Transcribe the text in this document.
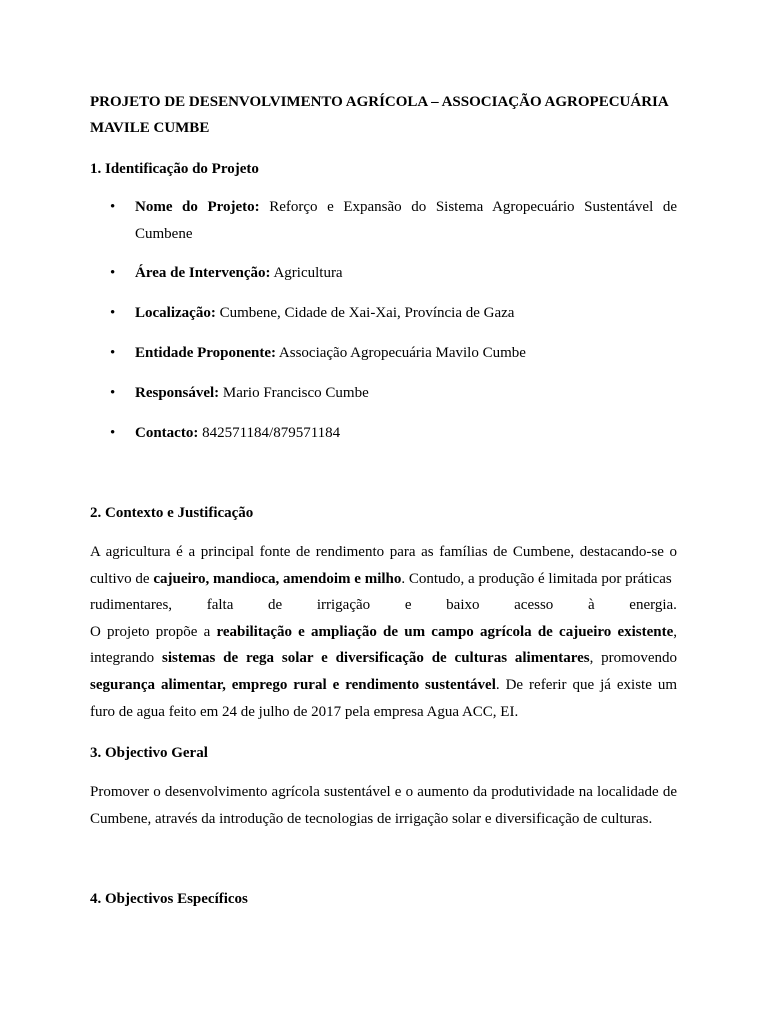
PROJETO DE DESENVOLVIMENTO AGRÍCOLA – ASSOCIAÇÃO AGROPECUÁRIA MAVILE CUMBE

1. Identificação do Projeto

• Nome do Projeto: Reforço e Expansão do Sistema Agropecuário Sustentável de Cumbene
• Área de Intervenção: Agricultura
• Localização: Cumbene, Cidade de Xai-Xai, Província de Gaza
• Entidade Proponente: Associação Agropecuária Mavilo Cumbe
• Responsável: Mario Francisco Cumbe
• Contacto: 842571184/879571184

2. Contexto e Justificação

A agricultura é a principal fonte de rendimento para as famílias de Cumbene, destacando-se o cultivo de cajueiro, mandioca, amendoim e milho. Contudo, a produção é limitada por práticas

rudimentares, falta de irrigação e baixo acesso à energia.

O projeto propõe a reabilitação e ampliação de um campo agrícola de cajueiro existente, integrando sistemas de rega solar e diversificação de culturas alimentares, promovendo segurança alimentar, emprego rural e rendimento sustentável. De referir que já existe um furo de agua feito em 24 de julho de 2017 pela empresa Agua ACC, EI.

3. Objectivo Geral

Promover o desenvolvimento agrícola sustentável e o aumento da produtividade na localidade de Cumbene, através da introdução de tecnologias de irrigação solar e diversificação de culturas.

4. Objectivos Específicos
